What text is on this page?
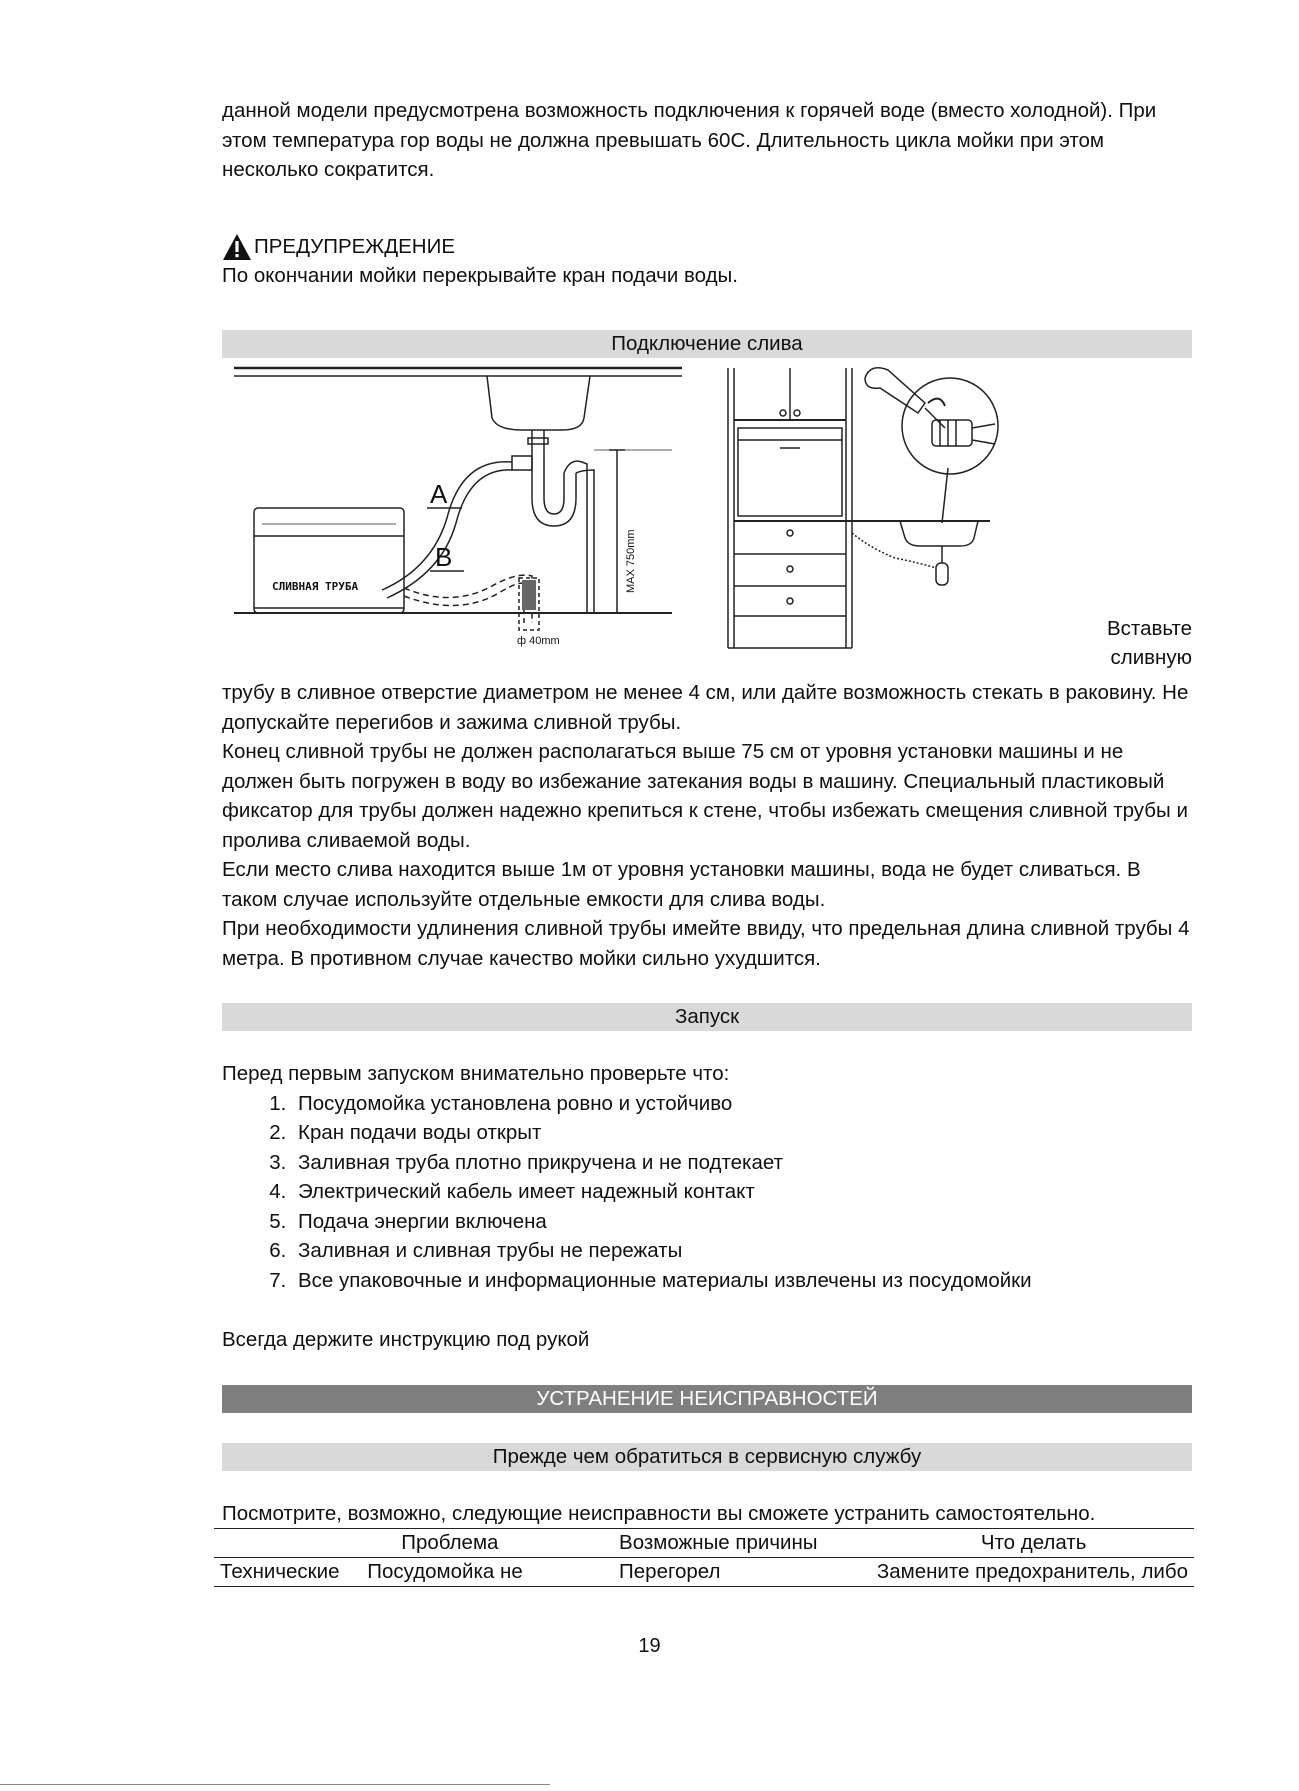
данной модели предусмотрена возможность подключения к горячей воде (вместо холодной). При этом температура гор воды не должна превышать 60С. Длительность цикла мойки при этом несколько сократится.

ПРЕДУПРЕЖДЕНИЕ

По окончании мойки перекрывайте кран подачи воды.

Подключение слива
A
B
СЛИВНАЯ ТРУБА	MAX 750mm
ф 40mm
Вставьте
сливную

трубу в сливное отверстие диаметром не менее 4 см, или дайте возможность стекать в раковину. Не допускайте перегибов и зажима сливной трубы.

Конец сливной трубы не должен располагаться выше 75 см от уровня установки машины и не должен быть погружен в воду во избежание затекания воды в машину. Специальный пластиковый фиксатор для трубы должен надежно крепиться к стене, чтобы избежать смещения сливной трубы и пролива сливаемой воды.

Если место слива находится выше 1м от уровня установки машины, вода не будет сливаться. В таком случае используйте отдельные емкости для слива воды.

При необходимости удлинения сливной трубы имейте ввиду, что предельная длина сливной трубы 4 метра. В противном случае качество мойки сильно ухудшится.

Запуск

Перед первым запуском внимательно проверьте что:

1. Посудомойка установлена ровно и устойчиво
2. Кран подачи воды открыт
3. Заливная труба плотно прикручена и не подтекает
4. Электрический кабель имеет надежный контакт
5. Подача энергии включена
6. Заливная и сливная трубы не пережаты
7. Все упаковочные и информационные материалы извлечены из посудомойки

Всегда держите инструкцию под рукой

УСТРАНЕНИЕ НЕИСПРАВНОСТЕЙ
Прежде чем обратиться в сервисную службу

Посмотрите, возможно, следующие неисправности вы сможете устранить самостоятельно.

	Проблема	Возможные причины	Что делать
Технические	Посудомойка не	Перегорел	Замените предохранитель, либо
19
